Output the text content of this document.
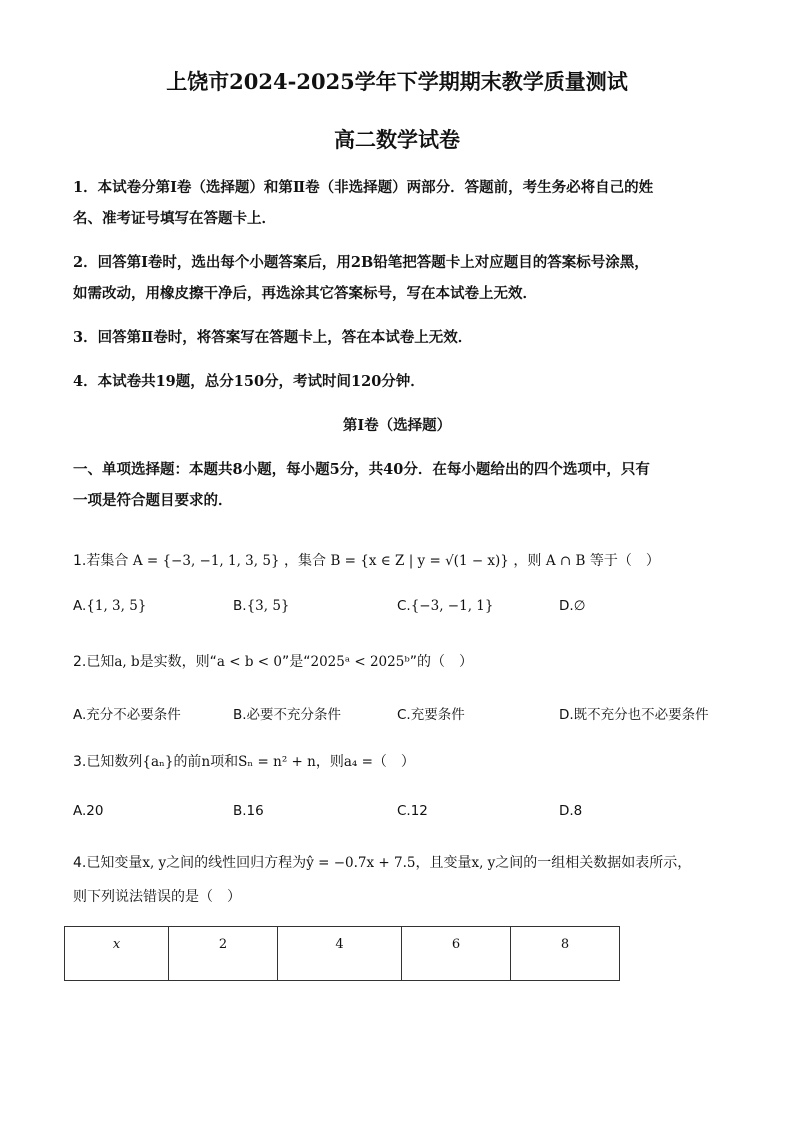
上饶市2024-2025学年下学期期末教学质量测试
高二数学试卷
1．本试卷分第Ⅰ卷（选择题）和第Ⅱ卷（非选择题）两部分．答题前，考生务必将自己的姓
名、准考证号填写在答题卡上．
2．回答第Ⅰ卷时，选出每个小题答案后，用2B铅笔把答题卡上对应题目的答案标号涂黑，
如需改动，用橡皮擦干净后，再选涂其它答案标号，写在本试卷上无效．
3．回答第Ⅱ卷时，将答案写在答题卡上，答在本试卷上无效．
4．本试卷共19题，总分150分，考试时间120分钟．
第Ⅰ卷（选择题）
一、单项选择题：本题共8小题，每小题5分，共40分．在每小题给出的四个选项中，只有
一项是符合题目要求的．
1.若集合 A = {−3, −1, 1, 3, 5} ，集合 B = {x ∈ Z | y = √(1 − x)} ，则 A ∩ B 等于（　）
A.{1, 3, 5}	B.{3, 5}	C.{−3, −1, 1}	D.∅
2.已知a, b是实数，则“a < b < 0”是“2025ᵃ < 2025ᵇ”的（　）
A.充分不必要条件	B.必要不充分条件	C.充要条件	D.既不充分也不必要条件
3.已知数列{aₙ}的前n项和Sₙ = n² + n，则a₄ =（　）
A.20	B.16	C.12	D.8
4.已知变量x, y之间的线性回归方程为ŷ = −0.7x + 7.5，且变量x, y之间的一组相关数据如表所示，
则下列说法错误的是（　）
x	2	4	6	8
